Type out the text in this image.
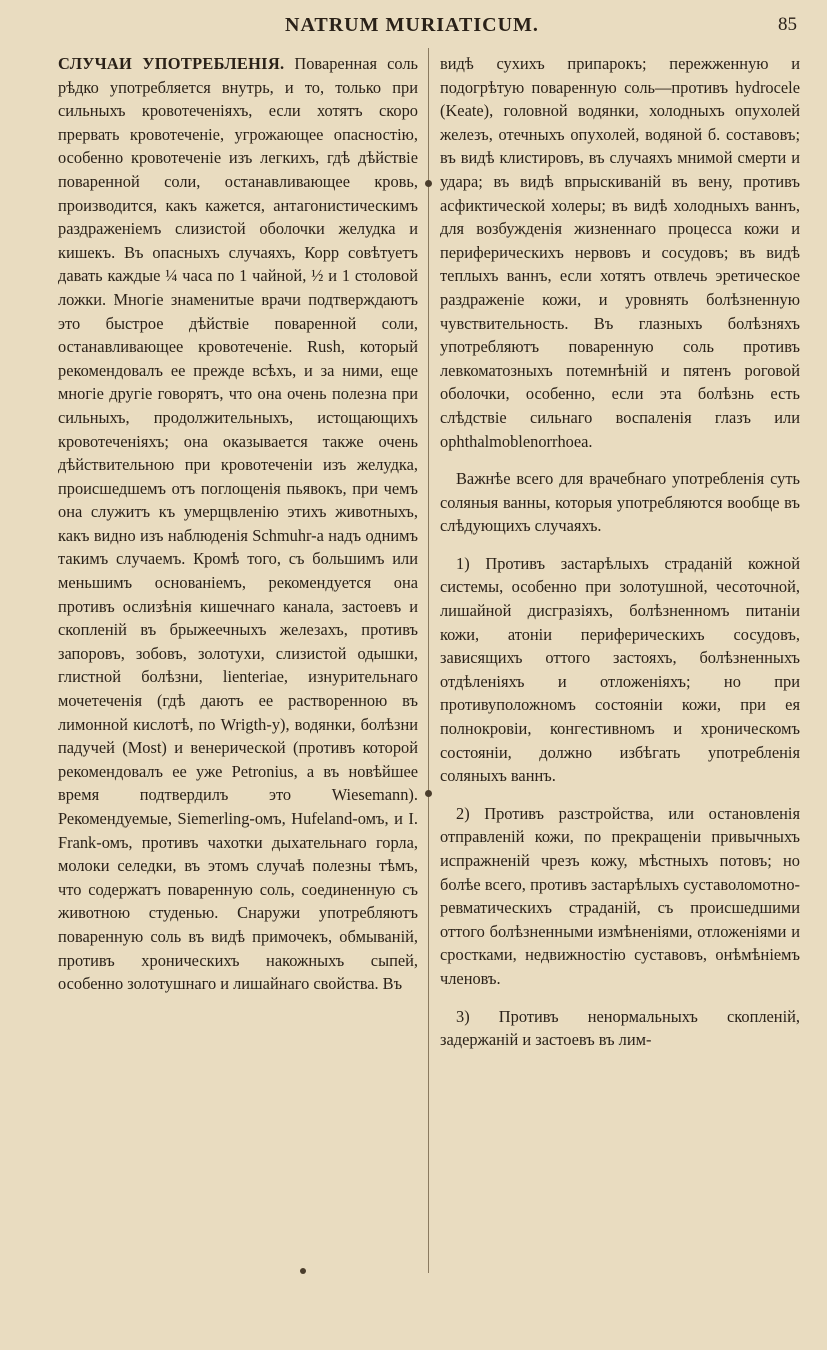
NATRUM MURIATICUM.	85

СЛУЧАИ УПОТРЕБЛЕНІЯ. Поваренная соль рѣдко употребляется внутрь, и то, только при сильныхъ кровотеченіяхъ, если хотятъ скоро прервать кровотеченіе, угрожающее опасностію, особенно кровотеченіе изъ легкихъ, гдѣ дѣйствіе поваренной соли, останавливающее кровь, производится, какъ кажется, антагонистическимъ раздраженіемъ слизистой оболочки желудка и кишекъ. Въ опасныхъ случаяхъ, Корр совѣтуетъ давать каждые ¼ часа по 1 чайной, ½ и 1 столовой ложки. Многіе знаменитые врачи подтверждаютъ это быстрое дѣйствіе поваренной соли, останавливающее кровотеченіе. Rush, который рекомендовалъ ее прежде всѣхъ, и за ними, еще многіе другіе говорятъ, что она очень полезна при сильныхъ, продолжительныхъ, истощающихъ кровотеченіяхъ; она оказывается также очень дѣйствительною при кровотеченіи изъ желудка, происшедшемъ отъ поглощенія пьявокъ, при чемъ она служитъ къ умерщвленію этихъ животныхъ, какъ видно изъ наблюденія Schmuhr-а надъ однимъ такимъ случаемъ. Кромѣ того, съ большимъ или меньшимъ основаніемъ, рекомендуется она противъ ослизѣнія кишечнаго канала, застоевъ и скопленій въ брыжеечныхъ железахъ, противъ запоровъ, зобовъ, золотухи, слизистой одышки, глистной болѣзни, lienteriae, изнурительнаго мочетеченія (гдѣ даютъ ее растворенною въ лимонной кислотѣ, по Wrigth-у), водянки, болѣзни падучей (Most) и венерической (противъ которой рекомендовалъ ее уже Petronius, а въ новѣйшее время подтвердилъ это Wiesemann). Рекомендуемые, Siemerling-омъ, Hufeland-омъ, и I. Frank-омъ, противъ чахотки дыхательнаго горла, молоки селедки, въ этомъ случаѣ полезны тѣмъ, что содержатъ поваренную соль, соединенную съ животною студенью. Снаружи употребляютъ поваренную соль въ видѣ примочекъ, обмыванiй, противъ хроническихъ накожныхъ сыпей, особенно золотушнаго и лишайнаго свойства. Въ

видѣ сухихъ припарокъ; пережженную и подогрѣтую поваренную соль—противъ hydrocele (Keate), головной водянки, холодныхъ опухолей железъ, отечныхъ опухолей, водяной б. составовъ; въ видѣ клистировъ, въ случаяхъ мнимой смерти и удара; въ видѣ впрыскиваній въ вену, противъ асфиктической холеры; въ видѣ холодныхъ ваннъ, для возбужденія жизненнаго процесса кожи и периферическихъ нервовъ и сосудовъ; въ видѣ теплыхъ ваннъ, если хотятъ отвлечь эретическое раздраженіе кожи, и уровнять болѣзненную чувствительность. Въ глазныхъ болѣзняхъ употребляютъ поваренную соль противъ левкоматозныхъ потемнѣній и пятенъ роговой оболочки, особенно, если эта болѣзнь есть слѣдствіе сильнаго воспаленія глазъ или ophthalmoblenorrhoea.

Важнѣе всего для врачебнаго употребленія суть соляныя ванны, которыя употребляются вообще въ слѣдующихъ случаяхъ.

1) Противъ застарѣлыхъ страданій кожной системы, особенно при золотушной, чесоточной, лишайной дисгразіяхъ, болѣзненномъ питаніи кожи, атоніи периферическихъ сосудовъ, зависящихъ оттого застояхъ, болѣзненныхъ отдѣленіяхъ и отложеніяхъ; но при противуположномъ состояніи кожи, при ея полнокровіи, конгестивномъ и хроническомъ состояніи, должно избѣгать употребленія соляныхъ ваннъ.

2) Противъ разстройства, или остановленія отправленій кожи, по прекращеніи привычныхъ испражненій чрезъ кожу, мѣстныхъ потовъ; но болѣе всего, противъ застарѣлыхъ суставоломотно-ревматическихъ страданій, съ происшедшими оттого болѣзненными измѣненіями, отложеніями и сростками, недвижностію суставовъ, онѣмѣніемъ членовъ.

3) Противъ ненормальныхъ скопленій, задержаній и застоевъ въ лим-
